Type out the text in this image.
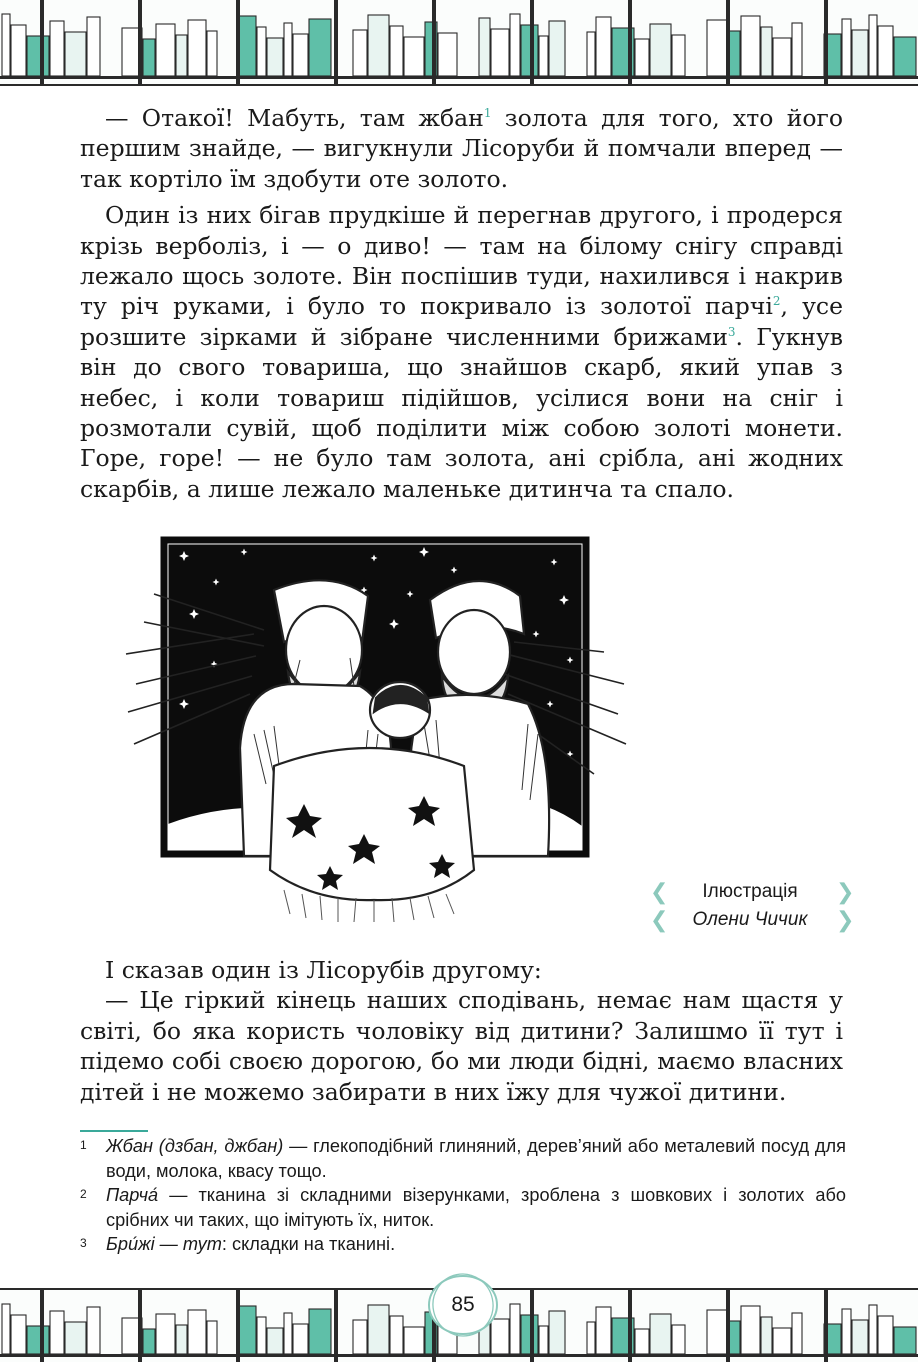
— Отакої! Мабуть, там жбан$^1$ золота для того, хто його першим знайде, — вигукнули Лісоруби й помчали вперед — так кортіло їм здобути оте золото.

Один із них бігав прудкіше й перегнав другого, і продерся крізь верболіз, і — о диво! — там на білому снігу справді лежало щось золоте. Він поспішив туди, нахилився і накрив ту річ руками, і було то покривало із золотої парчі$^2$, усе розшите зірками й зібране численними брижами$^3$. Гукнув він до свого товариша, що знайшов скарб, який упав з небес, і коли товариш підійшов, усілися вони на сніг і розмотали сувій, щоб поділити між собою золоті монети. Горе, горе! — не було там золота, ані срібла, ані жодних скарбів, а лише лежало маленьке дитинча та спало.

❮	Ілюстрація	❯
❮	Олени Чичик	❯

І сказав один із Лісорубів другому:

— Це гіркий кінець наших сподівань, немає нам щастя у світі, бо яка користь чоловіку від дитини? Залишмо її тут і підемо собі своєю дорогою, бо ми люди бідні, маємо власних дітей і не можемо забирати в них їжу для чужої дитини.

1	Жбан (дзбан, джбан) — глекоподібний глиняний, дерев’яний або металевий посуд для води, молока, квасу тощо.
2	Парча́ — тканина зі складними візерунками, зроблена з шовкових і золотих або срібних чи таких, що імітують їх, ниток.
3	Бри́жі — тут: складки на тканині.
85
